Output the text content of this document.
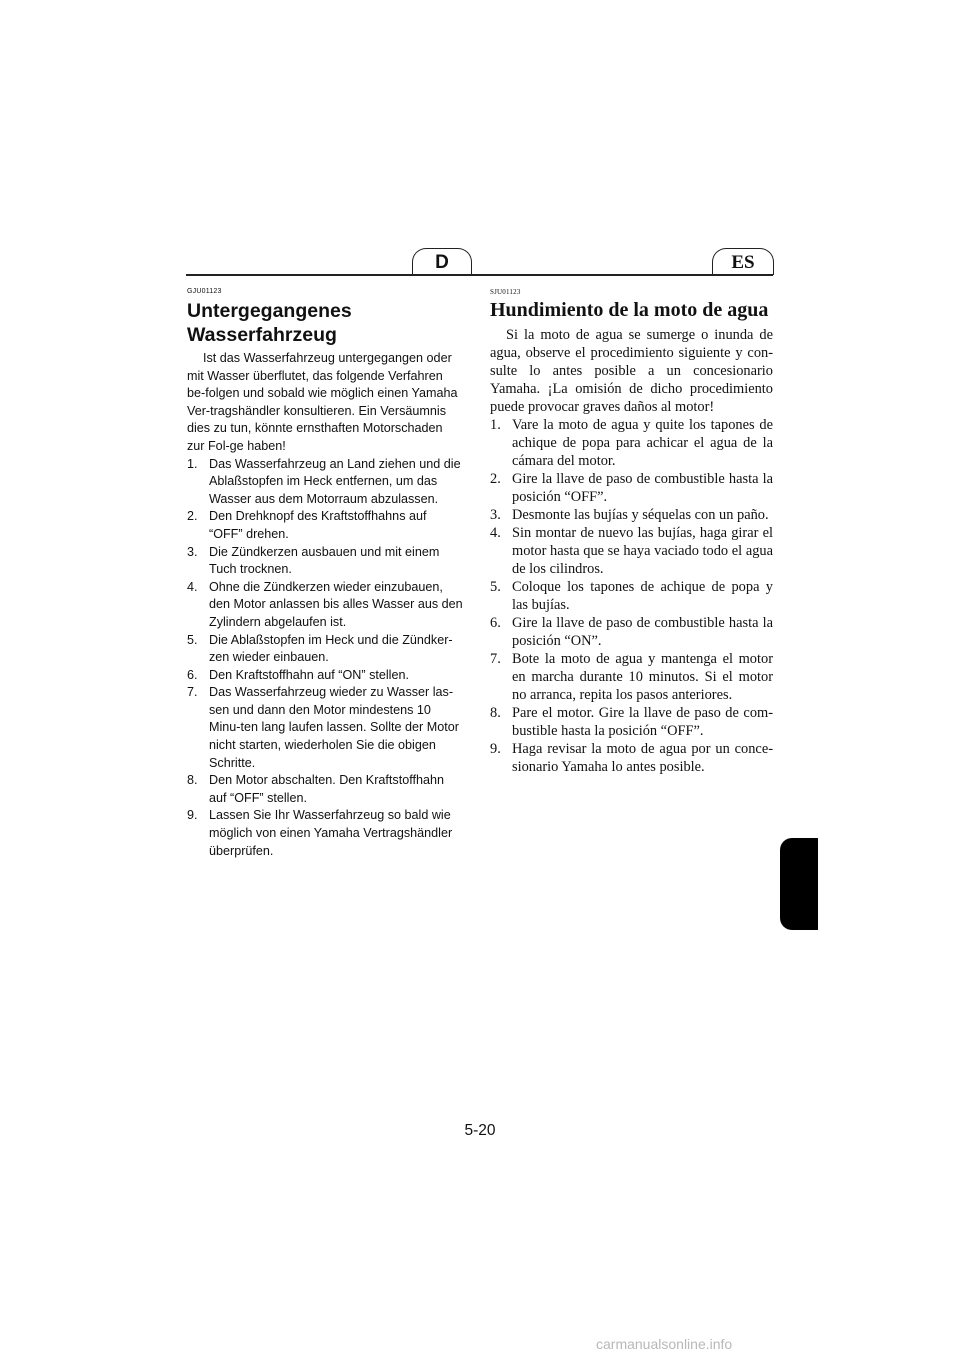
D	ES

GJU01123

Untergegangenes
Wasserfahrzeug

Ist das Wasserfahrzeug untergegangen oder mit Wasser überflutet, das folgende Verfahren be-folgen und sobald wie möglich einen Yamaha Ver-tragshändler konsultieren. Ein Versäumnis dies zu tun, könnte ernsthaften Motorschaden zur Fol-ge haben!

1. Das Wasserfahrzeug an Land ziehen und die Ablaßstopfen im Heck entfernen, um das Wasser aus dem Motorraum abzulassen.
2. Den Drehknopf des Kraftstoffhahns auf “OFF” drehen.
3. Die Zündkerzen ausbauen und mit einem Tuch trocknen.
4. Ohne die Zündkerzen wieder einzubauen, den Motor anlassen bis alles Wasser aus den Zylindern abgelaufen ist.
5. Die Ablaßstopfen im Heck und die Zündker-zen wieder einbauen.
6. Den Kraftstoffhahn auf “ON” stellen.
7. Das Wasserfahrzeug wieder zu Wasser las-sen und dann den Motor mindestens 10 Minu-ten lang laufen lassen. Sollte der Motor nicht starten, wiederholen Sie die obigen Schritte.
8. Den Motor abschalten. Den Kraftstoffhahn auf “OFF” stellen.
9. Lassen Sie Ihr Wasserfahrzeug so bald wie möglich von einen Yamaha Vertragshändler überprüfen.

SJU01123

Hundimiento de la moto de agua

Si la moto de agua se sumerge o inunda de agua, observe el procedimiento siguiente y con-sulte lo antes posible a un concesionario Yamaha. ¡La omisión de dicho procedimiento puede provocar graves daños al motor!

1. Vare la moto de agua y quite los tapones de achique de popa para achicar el agua de la cámara del motor.
2. Gire la llave de paso de combustible hasta la posición “OFF”.
3. Desmonte las bujías y séquelas con un paño.
4. Sin montar de nuevo las bujías, haga girar el motor hasta que se haya vaciado todo el agua de los cilindros.
5. Coloque los tapones de achique de popa y las bujías.
6. Gire la llave de paso de combustible hasta la posición “ON”.
7. Bote la moto de agua y mantenga el motor en marcha durante 10 minutos. Si el motor no arranca, repita los pasos anteriores.
8. Pare el motor. Gire la llave de paso de com-bustible hasta la posición “OFF”.
9. Haga revisar la moto de agua por un conce-sionario Yamaha lo antes posible.
5-20
carmanualsonline.info
